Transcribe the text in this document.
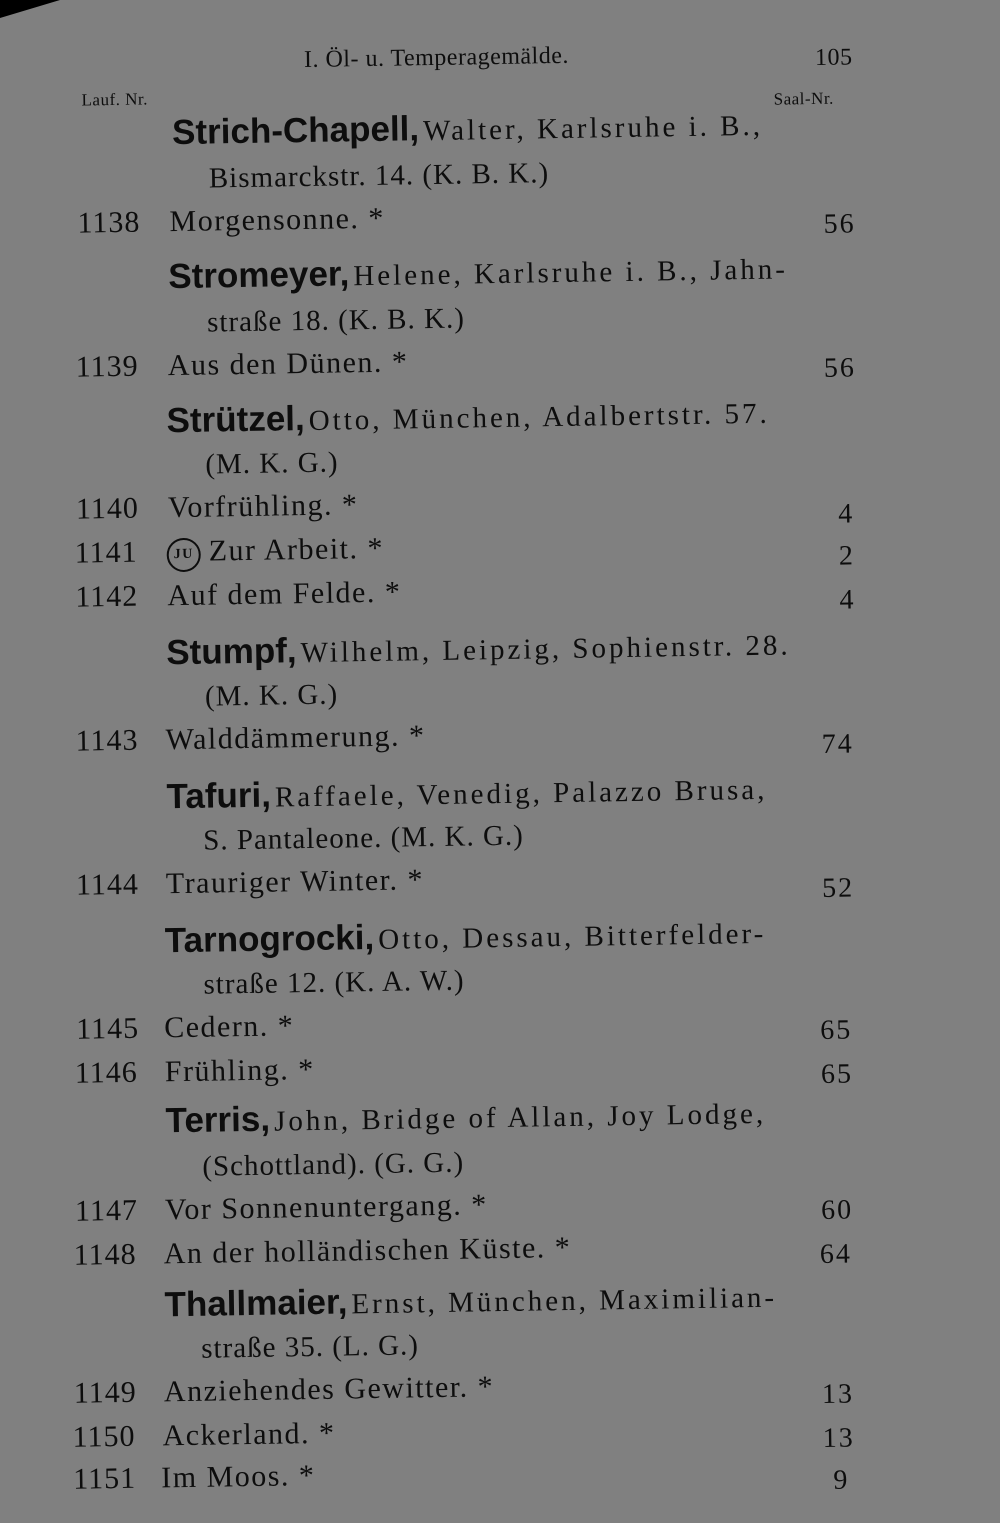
I. Öl- u. Temperagemälde.	105
Lauf. Nr.	Saal-Nr.
Strich-Chapell, Walter, Karlsruhe i. B.,
Bismarckstr. 14. (K. B. K.)
1138 Morgensonne. *	56
Stromeyer, Helene, Karlsruhe i. B., Jahn-
straße 18. (K. B. K.)
1139 Aus den Dünen. *	56
Strützel, Otto, München, Adalbertstr. 57.
(M. K. G.)
1140 Vorfrühling. *	4
1141	JU Zur Arbeit. *	2
1142 Auf dem Felde. *	4
Stumpf, Wilhelm, Leipzig, Sophienstr. 28.
(M. K. G.)
1143 Walddämmerung. *	74
Tafuri, Raffaele, Venedig, Palazzo Brusa,
S. Pantaleone. (M. K. G.)
1144 Trauriger Winter. *	52
Tarnogrocki, Otto, Dessau, Bitterfelder-
straße 12. (K. A. W.)
1145 Cedern. *	65
1146 Frühling. *	65
Terris, John, Bridge of Allan, Joy Lodge,
(Schottland). (G. G.)
1147 Vor Sonnenuntergang. *	60
1148 An der holländischen Küste. *	64
Thallmaier, Ernst, München, Maximilian-
straße 35. (L. G.)
1149 Anziehendes Gewitter. *	13
1150 Ackerland. *	13
1151 Im Moos. *	9
